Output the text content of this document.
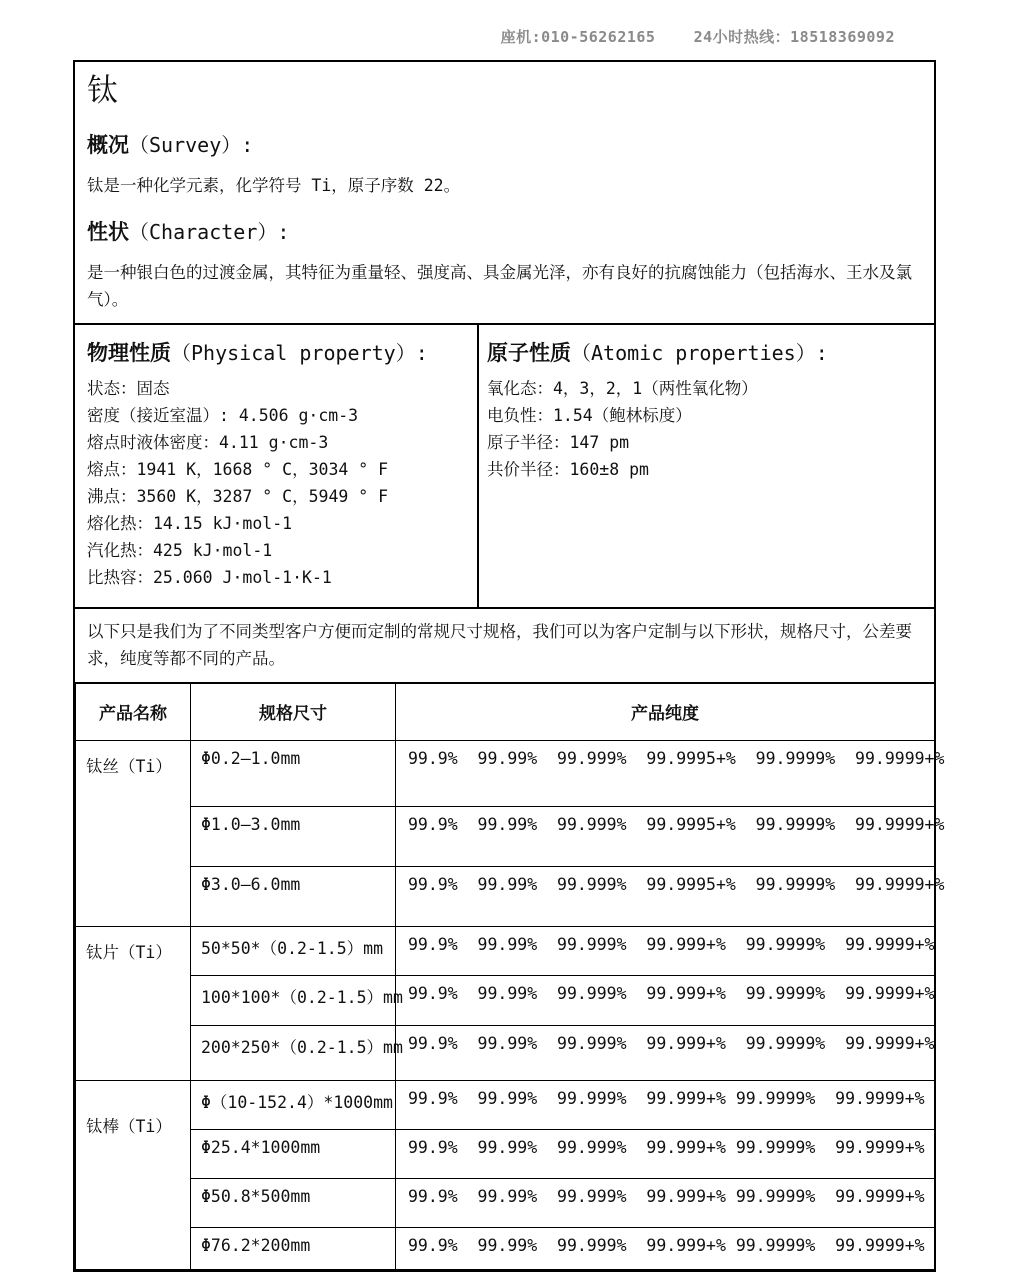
座机:010-56262165    24小时热线：18518369092
钛
概况（Survey）:

钛是一种化学元素，化学符号 Ti，原子序数 22。

性状（Character）:

是一种银白色的过渡金属，其特征为重量轻、强度高、具金属光泽，亦有良好的抗腐蚀能力（包括海水、王水及氯气）。

物理性质（Physical property）:
状态：固态
密度（接近室温）: 4.506 g·cm-3
熔点时液体密度：4.11 g·cm-3
熔点：1941 K，1668 ° C，3034 ° F
沸点：3560 K，3287 ° C，5949 ° F
熔化热：14.15 kJ·mol-1
汽化热：425 kJ·mol-1
比热容：25.060 J·mol-1·K-1
原子性质（Atomic properties）:
氧化态：4，3，2，1（两性氧化物）
电负性：1.54（鲍林标度）
原子半径：147 pm
共价半径：160±8 pm
以下只是我们为了不同类型客户方便而定制的常规尺寸规格，我们可以为客户定制与以下形状，规格尺寸，公差要求，纯度等都不同的产品。
产品名称	规格尺寸	产品纯度
钛丝（Ti）	Φ0.2—1.0mm	99.9%  99.99%  99.999%  99.9995+%  99.9999%  99.9999+%
	Φ1.0—3.0mm	99.9%  99.99%  99.999%  99.9995+%  99.9999%  99.9999+%
	Φ3.0—6.0mm	99.9%  99.99%  99.999%  99.9995+%  99.9999%  99.9999+%
钛片（Ti）	50*50*（0.2-1.5）mm	99.9%  99.99%  99.999%  99.999+%  99.9999%  99.9999+%
	100*100*（0.2-1.5）mm	99.9%  99.99%  99.999%  99.999+%  99.9999%  99.9999+%
	200*250*（0.2-1.5）mm	99.9%  99.99%  99.999%  99.999+%  99.9999%  99.9999+%
钛棒（Ti）	Φ（10-152.4）*1000mm	99.9%  99.99%  99.999%  99.999+% 99.9999%  99.9999+%
	Φ25.4*1000mm	99.9%  99.99%  99.999%  99.999+% 99.9999%  99.9999+%
	Φ50.8*500mm	99.9%  99.99%  99.999%  99.999+% 99.9999%  99.9999+%
	Φ76.2*200mm	99.9%  99.99%  99.999%  99.999+% 99.9999%  99.9999+%
